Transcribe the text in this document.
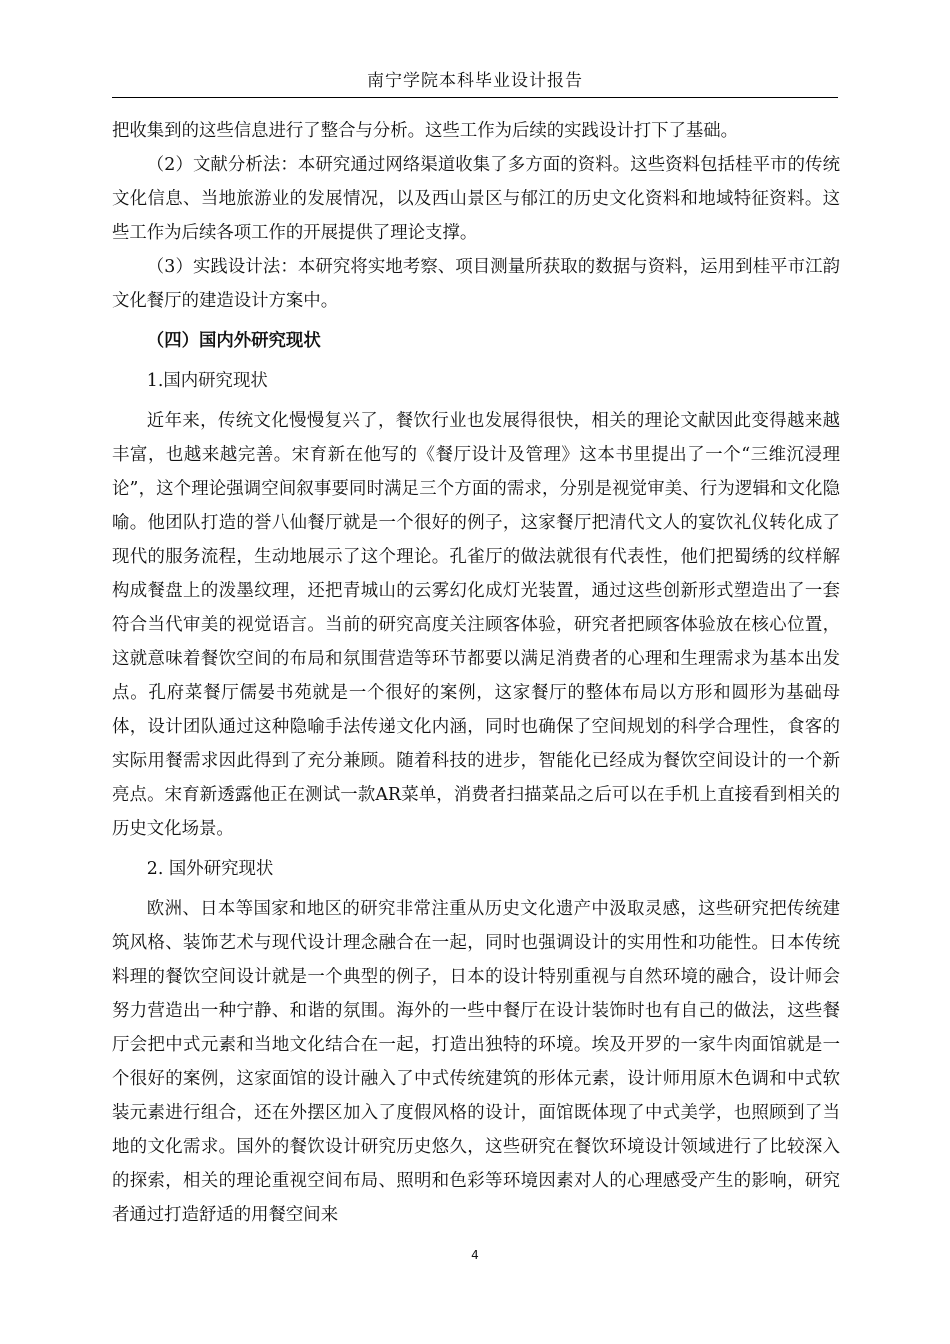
南宁学院本科毕业设计报告

把收集到的这些信息进行了整合与分析。这些工作为后续的实践设计打下了基础。

（2）文献分析法：本研究通过网络渠道收集了多方面的资料。这些资料包括桂平市的传统文化信息、当地旅游业的发展情况，以及西山景区与郁江的历史文化资料和地域特征资料。这些工作为后续各项工作的开展提供了理论支撑。

（3）实践设计法：本研究将实地考察、项目测量所获取的数据与资料，运用到桂平市江韵文化餐厅的建造设计方案中。

（四）国内外研究现状

1.国内研究现状

近年来，传统文化慢慢复兴了，餐饮行业也发展得很快，相关的理论文献因此变得越来越丰富，也越来越完善。宋育新在他写的《餐厅设计及管理》这本书里提出了一个“三维沉浸理论”，这个理论强调空间叙事要同时满足三个方面的需求，分别是视觉审美、行为逻辑和文化隐喻。他团队打造的誉八仙餐厅就是一个很好的例子，这家餐厅把清代文人的宴饮礼仪转化成了现代的服务流程，生动地展示了这个理论。孔雀厅的做法就很有代表性，他们把蜀绣的纹样解构成餐盘上的泼墨纹理，还把青城山的云雾幻化成灯光装置，通过这些创新形式塑造出了一套符合当代审美的视觉语言。当前的研究高度关注顾客体验，研究者把顾客体验放在核心位置，这就意味着餐饮空间的布局和氛围营造等环节都要以满足消费者的心理和生理需求为基本出发点。孔府菜餐厅儒晏书苑就是一个很好的案例，这家餐厅的整体布局以方形和圆形为基础母体，设计团队通过这种隐喻手法传递文化内涵，同时也确保了空间规划的科学合理性，食客的实际用餐需求因此得到了充分兼顾。随着科技的进步，智能化已经成为餐饮空间设计的一个新亮点。宋育新透露他正在测试一款AR菜单，消费者扫描菜品之后可以在手机上直接看到相关的历史文化场景。

2. 国外研究现状

欧洲、日本等国家和地区的研究非常注重从历史文化遗产中汲取灵感，这些研究把传统建筑风格、装饰艺术与现代设计理念融合在一起，同时也强调设计的实用性和功能性。日本传统料理的餐饮空间设计就是一个典型的例子，日本的设计特别重视与自然环境的融合，设计师会努力营造出一种宁静、和谐的氛围。海外的一些中餐厅在设计装饰时也有自己的做法，这些餐厅会把中式元素和当地文化结合在一起，打造出独特的环境。埃及开罗的一家牛肉面馆就是一个很好的案例，这家面馆的设计融入了中式传统建筑的形体元素，设计师用原木色调和中式软装元素进行组合，还在外摆区加入了度假风格的设计，面馆既体现了中式美学，也照顾到了当地的文化需求。国外的餐饮设计研究历史悠久，这些研究在餐饮环境设计领域进行了比较深入的探索，相关的理论重视空间布局、照明和色彩等环境因素对人的心理感受产生的影响，研究者通过打造舒适的用餐空间来

4
